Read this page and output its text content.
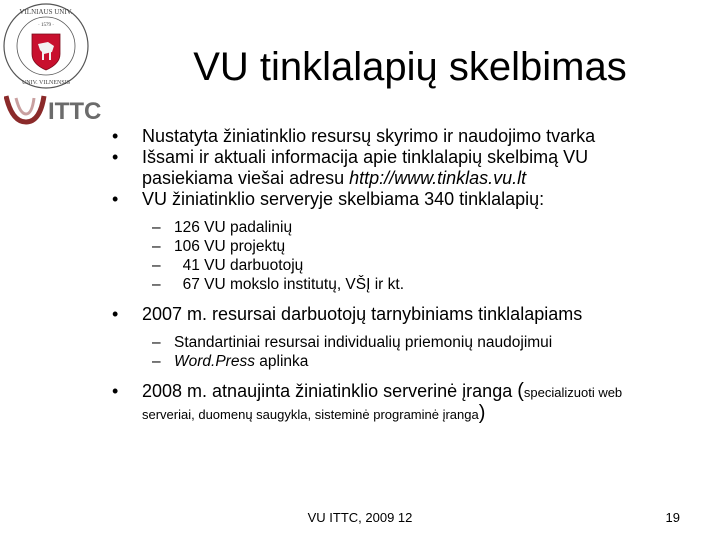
· 1579 ·
VILNIAUS UNIV.
UNIV. VILNENSIS
ITTC
VU tinklalapių skelbimas
• Nustatyta žiniatinklio resursų skyrimo ir naudojimo tvarka
• Išsami ir aktuali informacija apie tinklalapių skelbimą VU
pasiekiama viešai adresu http://www.tinklas.vu.lt
• VU žiniatinklio serveryje skelbiama 340 tinklalapių:
– 126 VU padalinių
– 106 VU projektų
– 41 VU darbuotojų
– 67 VU mokslo institutų, VŠĮ ir kt.
• 2007 m. resursai darbuotojų tarnybiniams tinklalapiams
– Standartiniai resursai individualių priemonių naudojimui
– Word.Press aplinka
• 2008 m. atnaujinta žiniatinklio serverinė įranga (specializuoti web
serveriai, duomenų saugykla, sisteminė programinė įranga)
VU ITTC, 2009 12	19
